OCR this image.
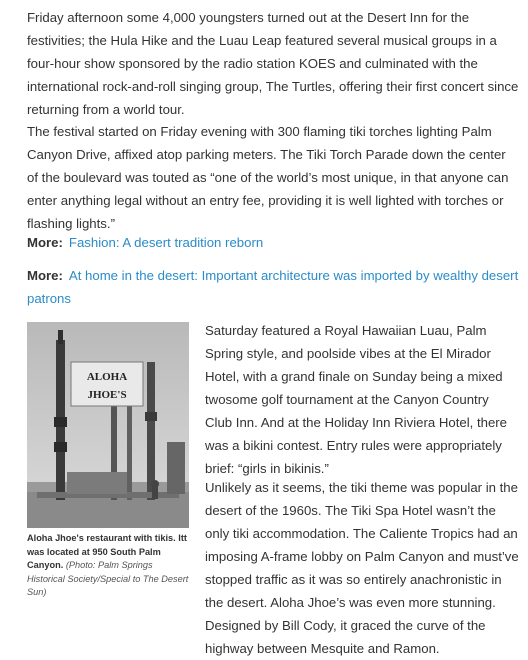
Friday afternoon some 4,000 youngsters turned out at the Desert Inn for the festivities; the Hula Hike and the Luau Leap featured several musical groups in a four-hour show sponsored by the radio station KOES and culminated with the international rock-and-roll singing group, The Turtles, offering their first concert since returning from a world tour.

The festival started on Friday evening with 300 flaming tiki torches lighting Palm Canyon Drive, affixed atop parking meters. The Tiki Torch Parade down the center of the boulevard was touted as “one of the world’s most unique, in that anyone can enter anything legal without an entry fee, providing it is well lighted with torches or flashing lights.”

More: Fashion: A desert tradition reborn

More: At home in the desert: Important architecture was imported by wealthy desert patrons

ALOHA
JHOE'S
Aloha Jhoe's restaurant with tikis. Itt was located at 950 South Palm Canyon. (Photo: Palm Springs Historical Society/Special to The Desert Sun)

Saturday featured a Royal Hawaiian Luau, Palm Spring style, and poolside vibes at the El Mirador Hotel, with a grand finale on Sunday being a mixed twosome golf tournament at the Canyon Country Club Inn. And at the Holiday Inn Riviera Hotel, there was a bikini contest. Entry rules were appropriately brief: “girls in bikinis.”

Unlikely as it seems, the tiki theme was popular in the desert of the 1960s. The Tiki Spa Hotel wasn’t the only tiki accommodation. The Caliente Tropics had an imposing A-frame lobby on Palm Canyon and must’ve stopped traffic as it was so entirely anachronistic in the desert. Aloha Jhoe’s was even more stunning. Designed by Bill Cody, it graced the curve of the highway between Mesquite and Ramon.
